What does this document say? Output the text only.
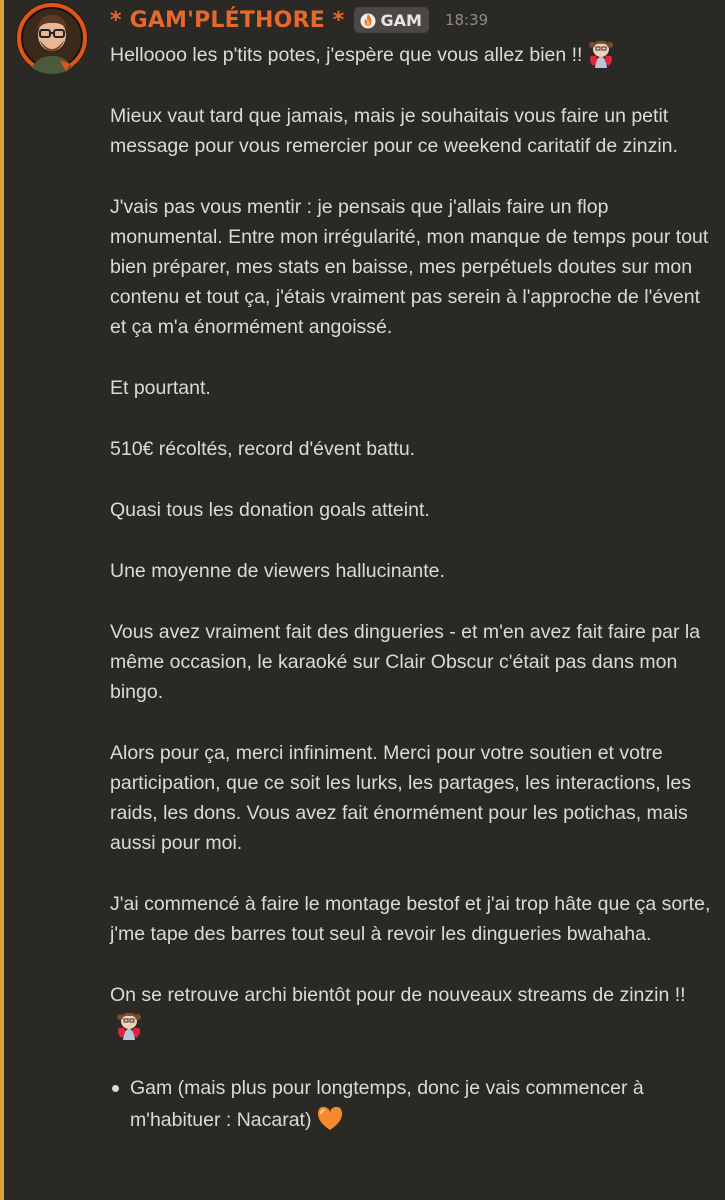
* GAM'PLÉTHORE * GAM 18:39

Helloooo les p'tits potes, j'espère que vous allez bien !!

Mieux vaut tard que jamais, mais je souhaitais vous faire un petit message pour vous remercier pour ce weekend caritatif de zinzin.

J'vais pas vous mentir : je pensais que j'allais faire un flop monumental. Entre mon irrégularité, mon manque de temps pour tout bien préparer, mes stats en baisse, mes perpétuels doutes sur mon contenu et tout ça, j'étais vraiment pas serein à l'approche de l'évent et ça m'a énormément angoissé.

Et pourtant.

510€ récoltés, record d'évent battu.

Quasi tous les donation goals atteint.

Une moyenne de viewers hallucinante.

Vous avez vraiment fait des dingueries - et m'en avez fait faire par la même occasion, le karaoké sur Clair Obscur c'était pas dans mon bingo.

Alors pour ça, merci infiniment. Merci pour votre soutien et votre participation, que ce soit les lurks, les partages, les interactions, les raids, les dons. Vous avez fait énormément pour les potichas, mais aussi pour moi.

J'ai commencé à faire le montage bestof et j'ai trop hâte que ça sorte, j'me tape des barres tout seul à revoir les dingueries bwahaha.

On se retrouve archi bientôt pour de nouveaux streams de zinzin !!

Gam (mais plus pour longtemps, donc je vais commencer à m'habituer : Nacarat)
